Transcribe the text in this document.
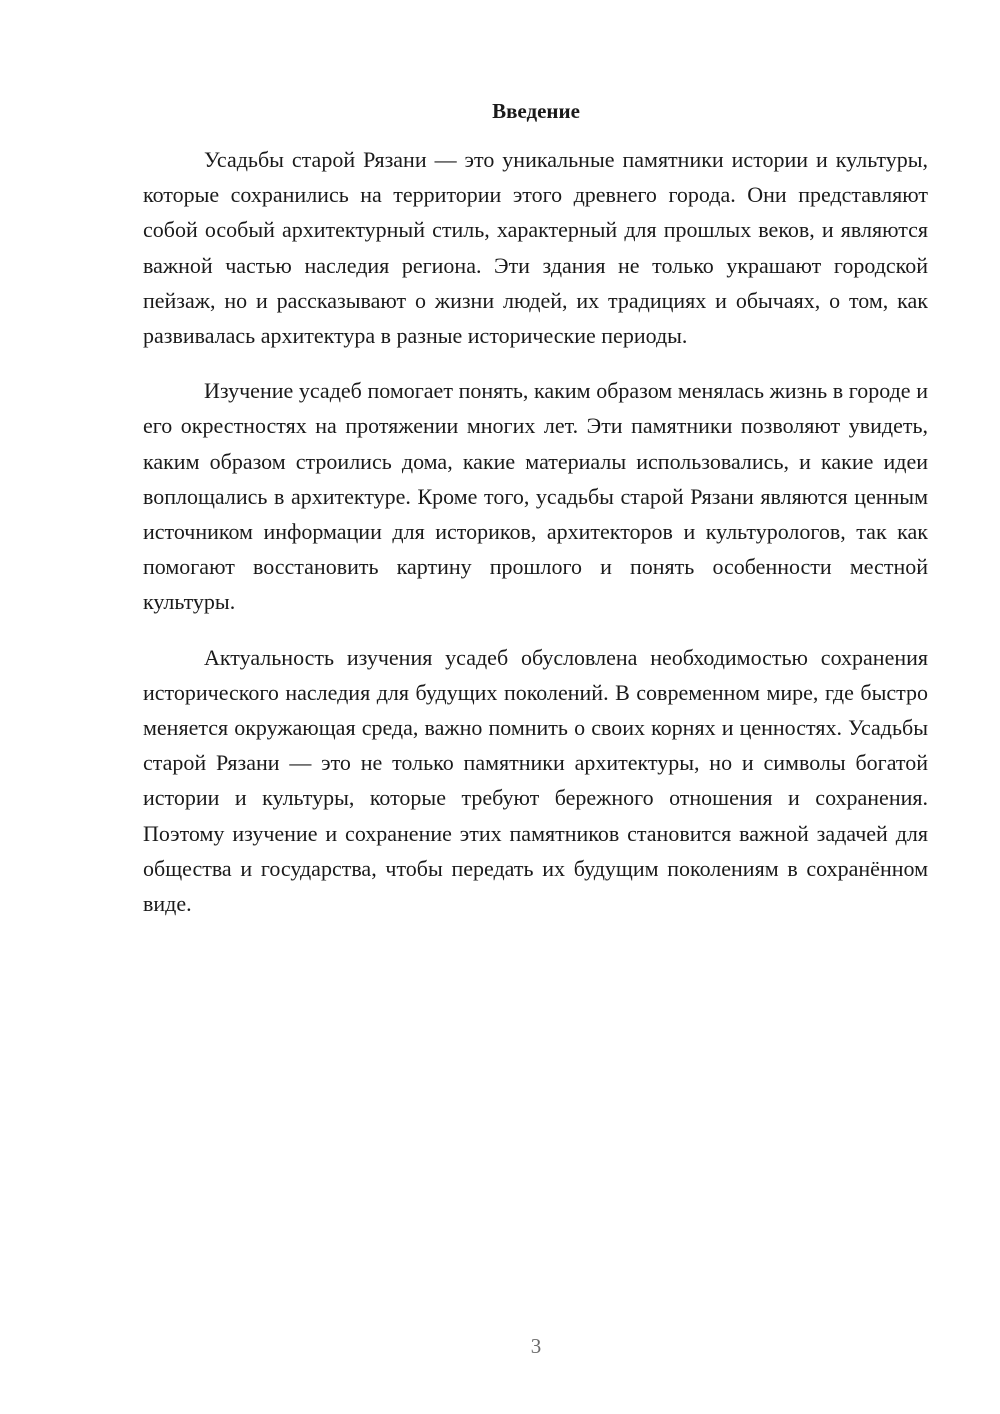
Введение

Усадьбы старой Рязани — это уникальные памятники истории и культуры, которые сохранились на территории этого древнего города. Они представляют собой особый архитектурный стиль, характерный для прошлых веков, и являются важной частью наследия региона. Эти здания не только украшают городской пейзаж, но и рассказывают о жизни людей, их традициях и обычаях, о том, как развивалась архитектура в разные исторические периоды.

Изучение усадеб помогает понять, каким образом менялась жизнь в городе и его окрестностях на протяжении многих лет. Эти памятники позволяют увидеть, каким образом строились дома, какие материалы использовались, и какие идеи воплощались в архитектуре. Кроме того, усадьбы старой Рязани являются ценным источником информации для историков, архитекторов и культурологов, так как помогают восстановить картину прошлого и понять особенности местной культуры.

Актуальность изучения усадеб обусловлена необходимостью сохранения исторического наследия для будущих поколений. В современном мире, где быстро меняется окружающая среда, важно помнить о своих корнях и ценностях. Усадьбы старой Рязани — это не только памятники архитектуры, но и символы богатой истории и культуры, которые требуют бережного отношения и сохранения. Поэтому изучение и сохранение этих памятников становится важной задачей для общества и государства, чтобы передать их будущим поколениям в сохранённом виде.

3
